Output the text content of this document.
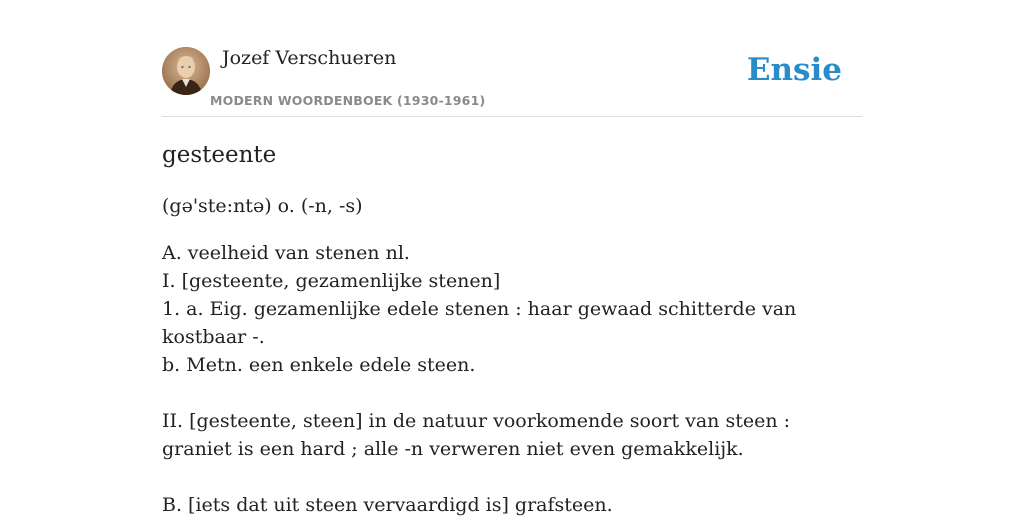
Jozef Verschueren
MODERN WOORDENBOEK (1930-1961)
Ensie
gesteente
(gə'ste:ntə) o. (-n, -s)
A. veelheid van stenen nl.
I. [gesteente, gezamenlijke stenen]
1. a. Eig. gezamenlijke edele stenen : haar gewaad schitterde van kostbaar -.
b. Metn. een enkele edele steen.
II. [gesteente, steen] in de natuur voorkomende soort van steen : graniet is een hard ; alle -n verweren niet even gemakkelijk.
B. [iets dat uit steen vervaardigd is] grafsteen.
